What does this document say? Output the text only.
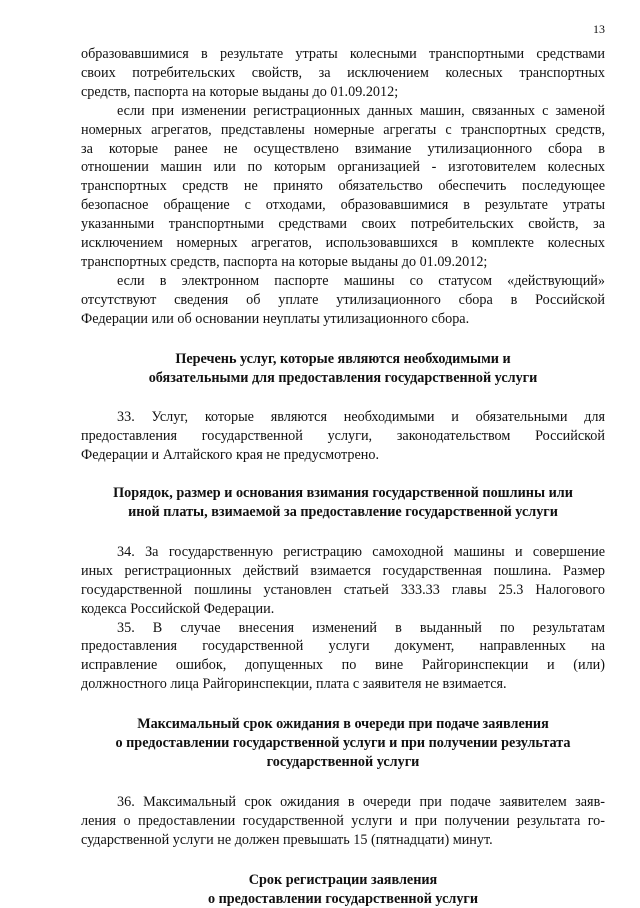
13

образовавшимися в результате утраты колесными транспортными средствами
своих потребительских свойств, за исключением колесных транспортных
средств, паспорта на которые выданы до 01.09.2012;

если при изменении регистрационных данных машин, связанных с заменой
номерных агрегатов, представлены номерные агрегаты с транспортных средств,
за которые ранее не осуществлено взимание утилизационного сбора в
отношении машин или по которым организацией - изготовителем колесных
транспортных средств не принято обязательство обеспечить последующее
безопасное обращение с отходами, образовавшимися в результате утраты
указанными транспортными средствами своих потребительских свойств, за
исключением номерных агрегатов, использовавшихся в комплекте колесных
транспортных средств, паспорта на которые выданы до 01.09.2012;

если в электронном паспорте машины со статусом «действующий»
отсутствуют сведения об уплате утилизационного сбора в Российской
Федерации или об основании неуплаты утилизационного сбора.

Перечень услуг, которые являются необходимыми и
обязательными для предоставления государственной услуги

33. Услуг, которые являются необходимыми и обязательными для
предоставления государственной услуги, законодательством Российской
Федерации и Алтайского края не предусмотрено.

Порядок, размер и основания взимания государственной пошлины или
иной платы, взимаемой за предоставление государственной услуги

34. За государственную регистрацию самоходной машины и совершение
иных регистрационных действий взимается государственная пошлина. Размер
государственной пошлины установлен статьей 333.33 главы 25.3 Налогового
кодекса Российской Федерации.

35. В случае внесения изменений в выданный по результатам
предоставления государственной услуги документ, направленных на
исправление ошибок, допущенных по вине Райгоринспекции и (или)
должностного лица Райгоринспекции, плата с заявителя не взимается.

Максимальный срок ожидания в очереди при подаче заявления
о предоставлении государственной услуги и при получении результата
государственной услуги

36. Максимальный срок ожидания в очереди при подаче заявителем заяв-
ления о предоставлении государственной услуги и при получении результата го-
сударственной услуги не должен превышать 15 (пятнадцати) минут.

Срок регистрации заявления
о предоставлении государственной услуги
